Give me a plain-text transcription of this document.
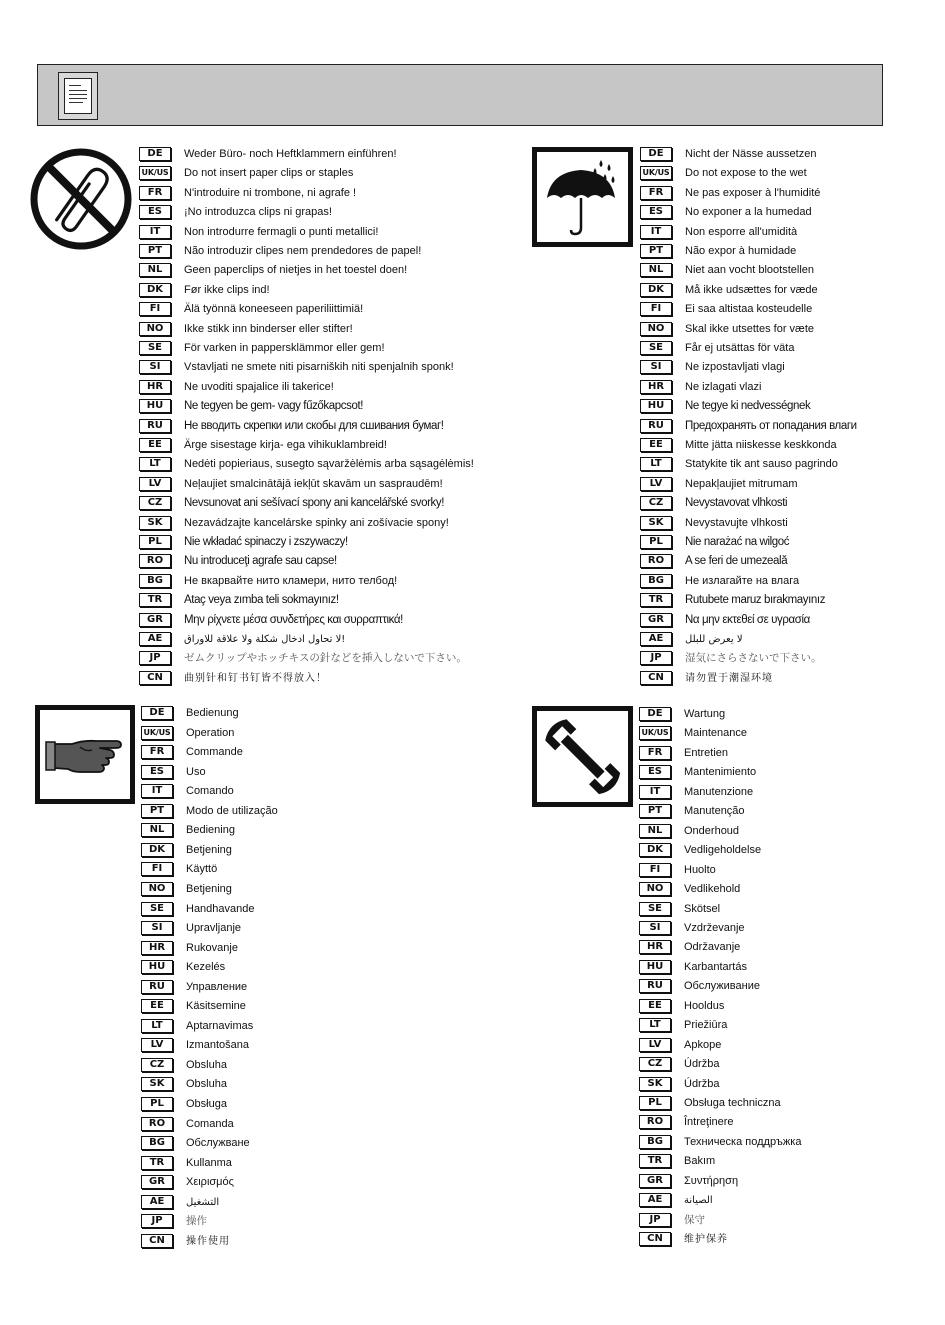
DE	Weder Büro- noch Heftklammern einführen!
UK/US Do not insert paper clips or staples
FR	N'introduire ni trombone, ni agrafe !
ES	¡No introduzca clips ni grapas!
IT	Non introdurre fermagli o punti metallici!
PT	Não introduzir clipes nem prendedores de papel!
NL	Geen paperclips of nietjes in het toestel doen!
DK	Før ikke clips ind!
FI	Älä työnnä koneeseen paperiliittimiä!
NO	Ikke stikk inn binderser eller stifter!
SE	För varken in pappersklämmor eller gem!
SI	Vstavljati ne smete niti pisarniških niti spenjalnih sponk!
HR	Ne uvoditi spajalice ili takerice!
HU	Ne tegyen be gem- vagy fűzőkapcsot!
RU	Не вводить скрепки или скобы для сшивания бумаг!
EE	Ärge sisestage kirja- ega vihikuklambreid!
LT	Nedėti popieriaus, susegto sąvaržėlėmis arba sąsagėlėmis!
LV	Neļaujiet smalcinātājā iekļūt skavām un saspraudēm!
CZ	Nevsunovat ani sešívací spony ani kancelářské svorky!
SK	Nezavádzajte kancelárske spinky ani zošívacie spony!
PL	Nie wkładać spinaczy i zszywaczy!
RO	Nu introduceţi agrafe sau capse!
BG	Не вкарвайте нито кламери, нито телбод!
TR	Ataç veya zımba teli sokmayınız!
GR	Μην ρίχνετε μέσα συνδετήρες και συρραπτικά!
AE	لا تحاول ادخال شكلة ولا علاقة للاوراق!
JP	ゼムクリップやホッチキスの針などを挿入しないで下さい。
CN	曲别针和钉书钉皆不得放入！
DE	Nicht der Nässe aussetzen
UK/US Do not expose to the wet
FR	Ne pas exposer à l'humidité
ES	No exponer a la humedad
IT	Non esporre all'umidità
PT	Não expor à humidade
NL	Niet aan vocht blootstellen
DK	Må ikke udsættes for væde
FI	Ei saa altistaa kosteudelle
NO	Skal ikke utsettes for væte
SE	Får ej utsättas för väta
SI	Ne izpostavljati vlagi
HR	Ne izlagati vlazi
HU	Ne tegye ki nedvességnek
RU	Предохранять от попадания влаги
EE	Mitte jätta niiskesse keskkonda
LT	Statykite tik ant sauso pagrindo
LV	Nepakļaujiet mitrumam
CZ	Nevystavovat vlhkosti
SK	Nevystavujte vlhkosti
PL	Nie narażać na wilgoć
RO	A se feri de umezeală
BG	Не излагайте на влага
TR	Rutubete maruz bırakmayınız
GR	Να μην εκτεθεί σε υγρασία
AE	لا يعرض للبلل
JP	湿気にさらさないで下さい。
CN	请勿置于潮湿环境
DE	Bedienung
UK/US Operation
FR	Commande
ES	Uso
IT	Comando
PT	Modo de utilização
NL	Bediening
DK	Betjening
FI	Käyttö
NO	Betjening
SE	Handhavande
SI	Upravljanje
HR	Rukovanje
HU	Kezelés
RU	Управление
EE	Käsitsemine
LT	Aptarnavimas
LV	Izmantošana
CZ	Obsluha
SK	Obsluha
PL	Obsługa
RO	Comanda
BG	Обслужване
TR	Kullanma
GR	Χειρισμός
AE	التشغيل
JP	操作
CN	操作使用
DE	Wartung
UK/US Maintenance
FR	Entretien
ES	Mantenimiento
IT	Manutenzione
PT	Manutenção
NL	Onderhoud
DK	Vedligeholdelse
FI	Huolto
NO	Vedlikehold
SE	Skötsel
SI	Vzdrževanje
HR	Održavanje
HU	Karbantartás
RU	Обслуживание
EE	Hooldus
LT	Priežiūra
LV	Apkope
CZ	Údržba
SK	Údržba
PL	Obsługa techniczna
RO	Întreţinere
BG	Техническа поддръжка
TR	Bakım
GR	Συντήρηση
AE	الصيانة
JP	保守
CN	维护保养
